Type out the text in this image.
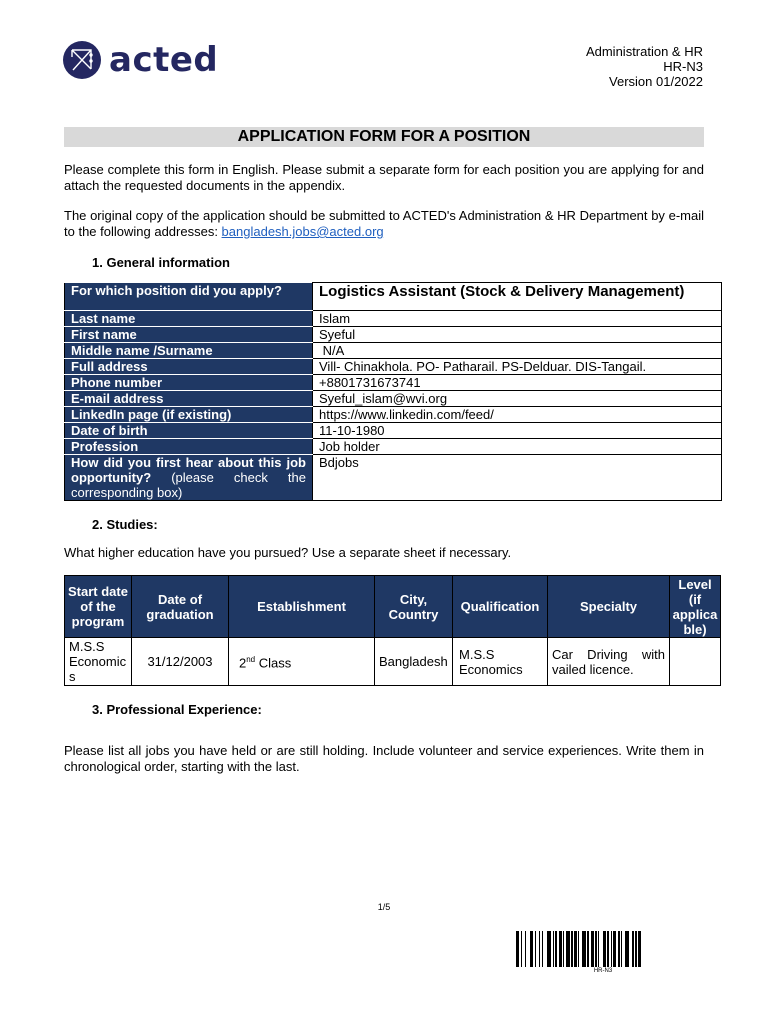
acted	Administration & HR
HR-N3
Version 01/2022
APPLICATION FORM FOR A POSITION

Please complete this form in English. Please submit a separate form for each position you are applying for and attach the requested documents in the appendix.

The original copy of the application should be submitted to ACTED's Administration & HR Department by e-mail to the following addresses: bangladesh.jobs@acted.org

1. General information
For which position did you apply?	Logistics Assistant (Stock & Delivery Management)
Last name	Islam
First name	Syeful
Middle name /Surname	N/A
Full address	Vill- Chinakhola. PO- Patharail. PS-Delduar. DIS-Tangail.
Phone number	+8801731673741
E-mail address	Syeful_islam@wvi.org
LinkedIn page (if existing)	https://www.linkedin.com/feed/
Date of birth	11-10-1980
Profession	Job holder
How did you first hear about this job opportunity? (please check the corresponding box)	Bdjobs
2. Studies:

What higher education have you pursued? Use a separate sheet if necessary.

Start date of the program	Date of graduation	Establishment	City, Country	Qualification	Specialty	Level (if applicable)
M.S.S Economics	31/12/2003	2nd Class	Bangladesh	M.S.S Economics	Car Driving with vailed licence.	
3. Professional Experience:

Please list all jobs you have held or are still holding. Include volunteer and service experiences. Write them in chronological order, starting with the last.

1/5
HR-N3
